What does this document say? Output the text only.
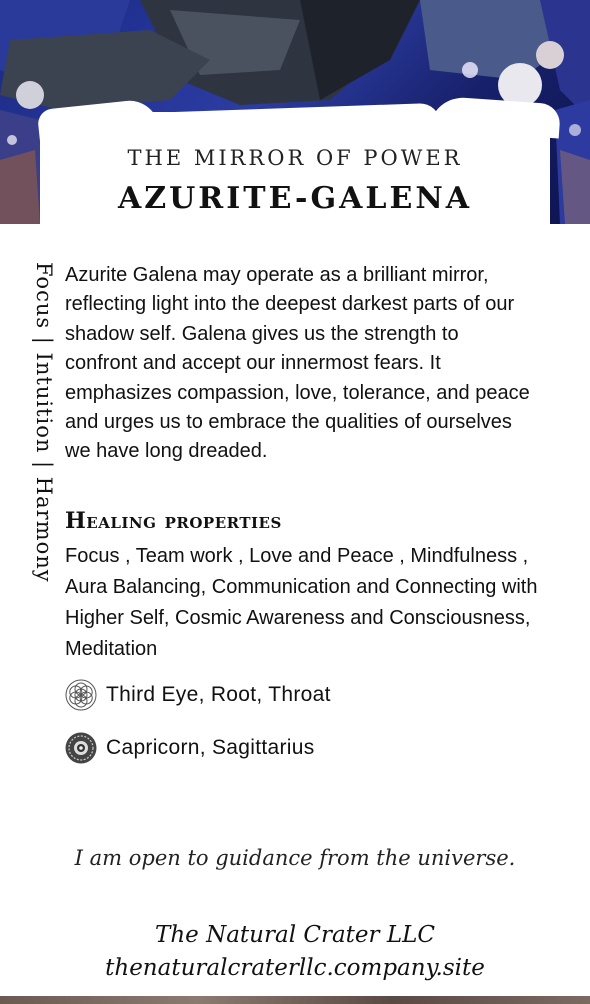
THE MIRROR OF POWER
AZURITE-GALENA
Focus | Intuition | Harmony Azurite Galena may operate as a brilliant mirror, reflecting light into the deepest darkest parts of our shadow self. Galena gives us the strength to confront and accept our innermost fears. It emphasizes compassion, love, tolerance, and peace and urges us to embrace the qualities of ourselves we have long dreaded.
Healing properties
Focus , Team work , Love and Peace , Mindfulness , Aura Balancing, Communication and Connecting with Higher Self, Cosmic Awareness and Consciousness, Meditation
Third Eye, Root, Throat
Capricorn, Sagittarius
I am open to guidance from the universe.
The Natural Crater LLC
thenaturalcraterllc.company.site
